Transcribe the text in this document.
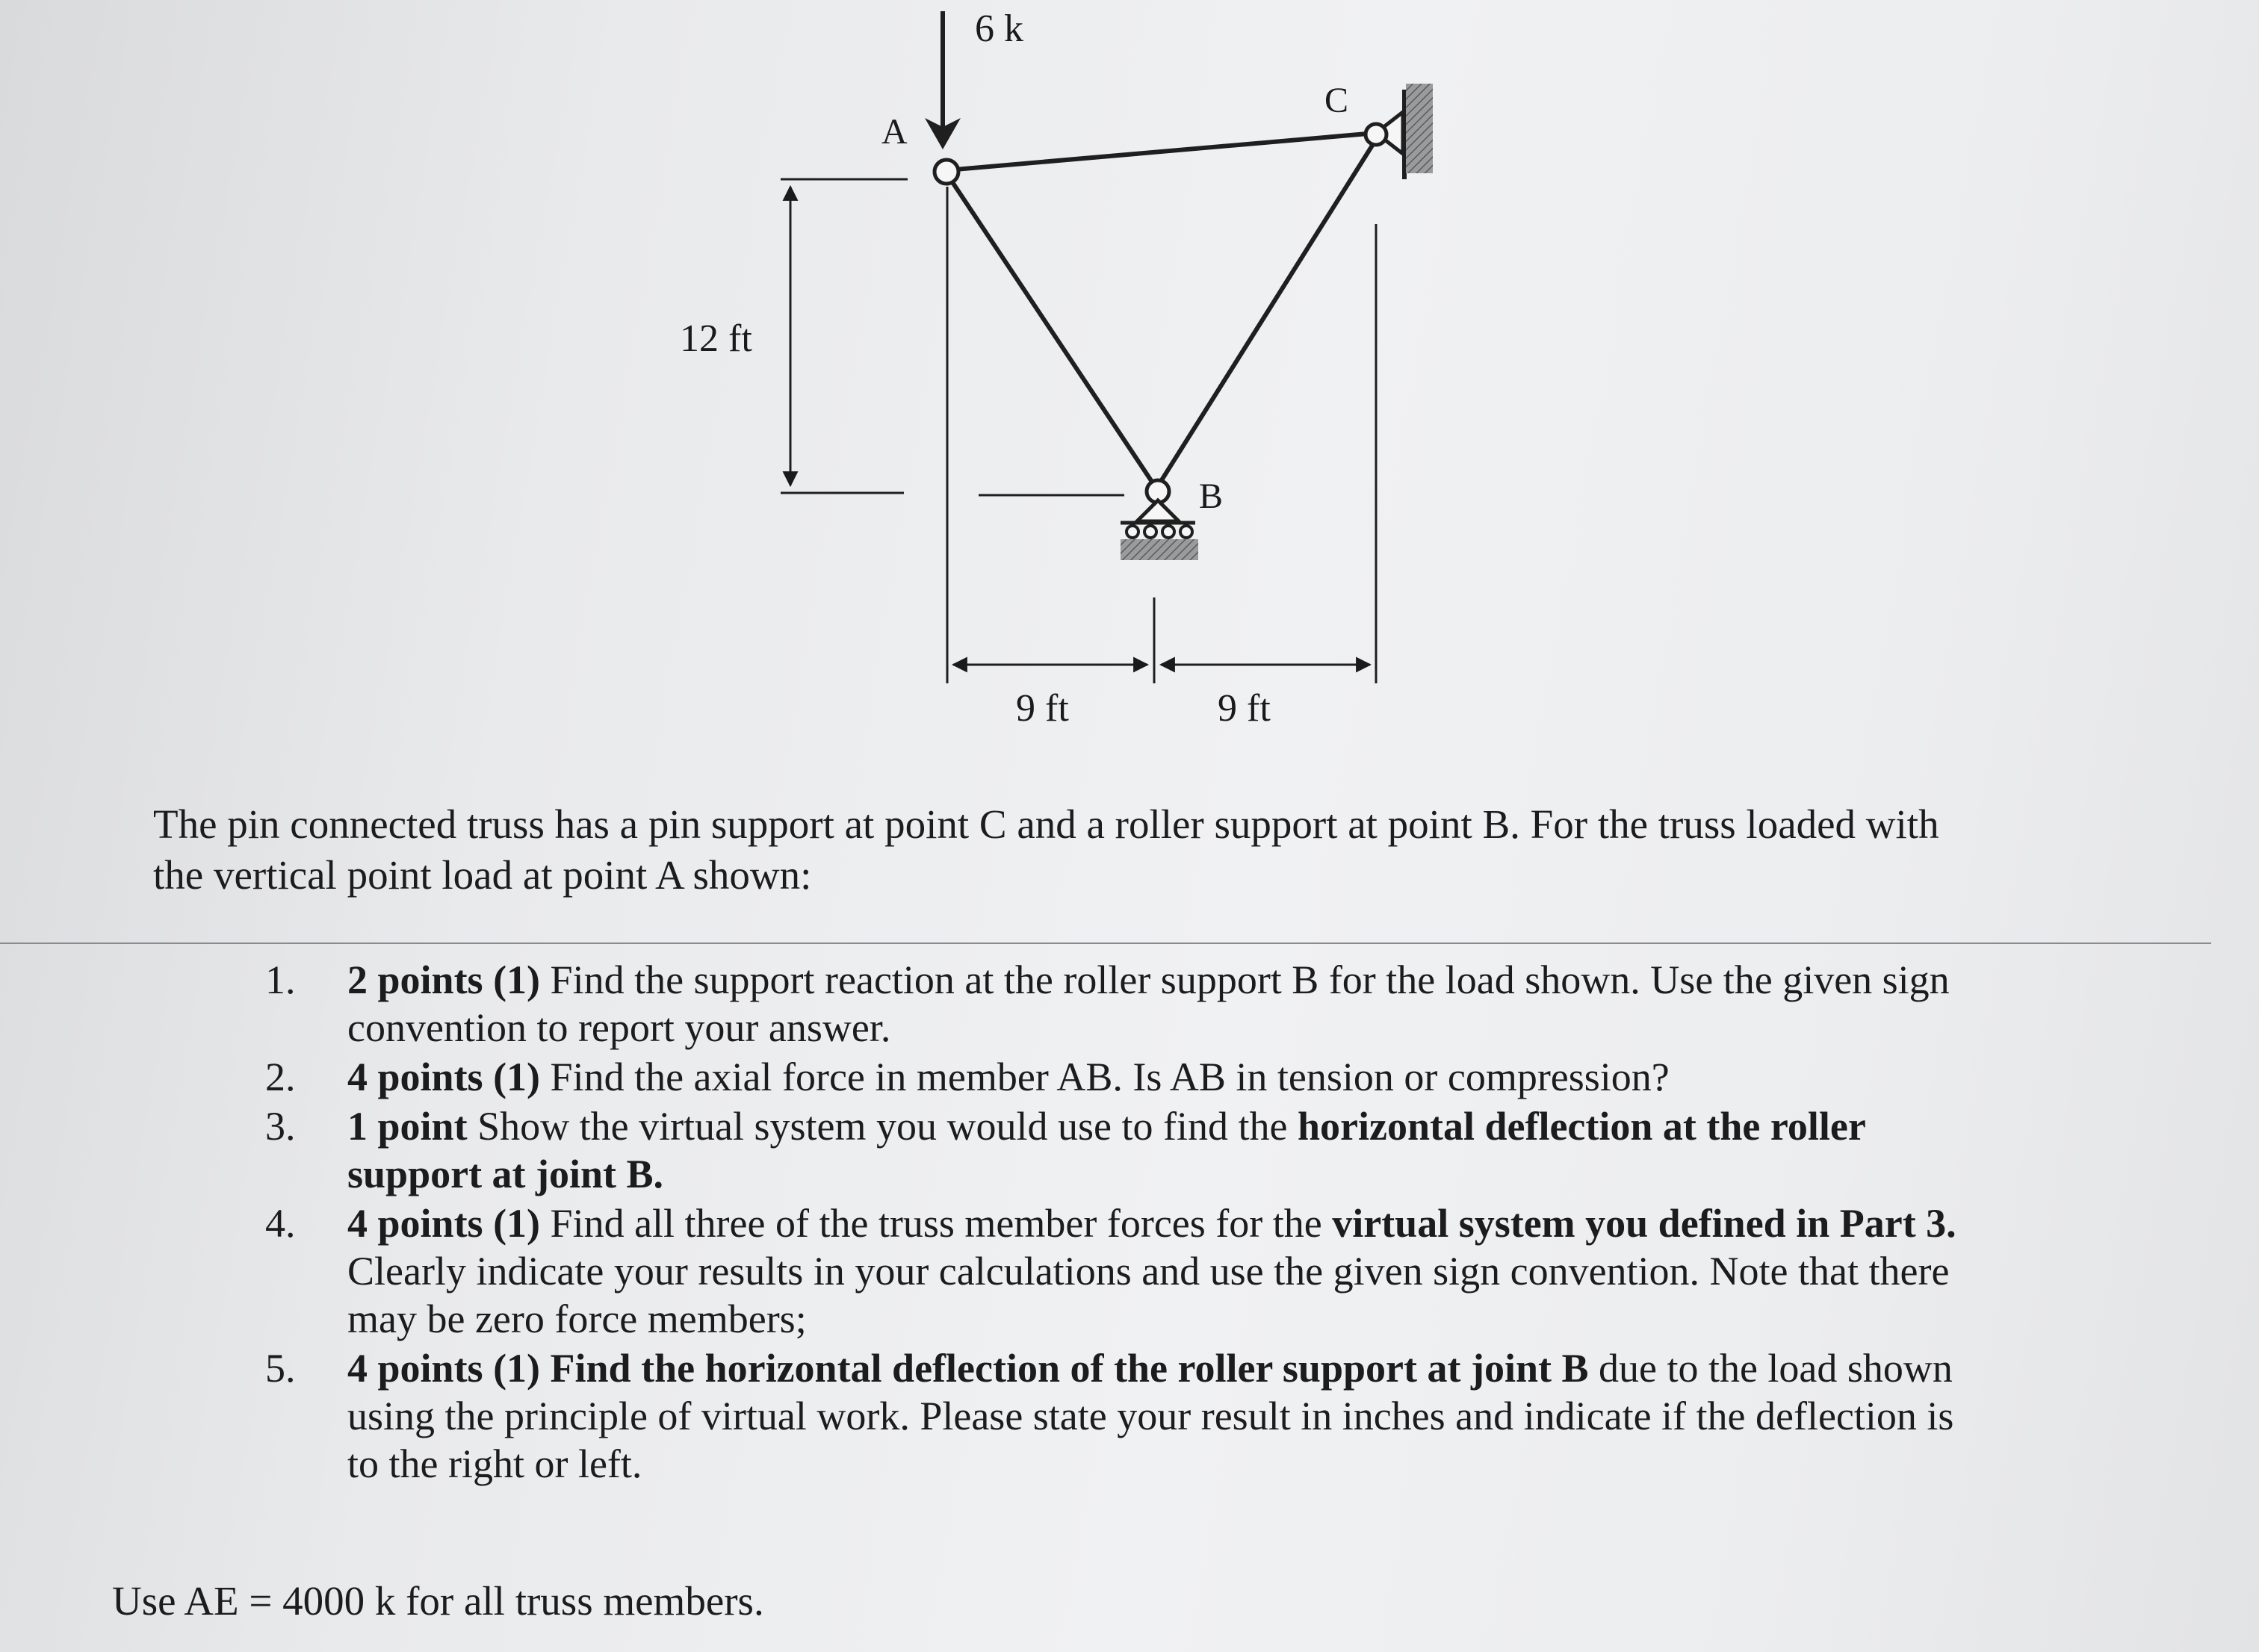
6 k
A
C
B
12 ft
9 ft	9 ft

The pin connected truss has a pin support at point C and a roller support at point B. For the truss loaded with the vertical point load at point A shown:

1. 2 points (1) Find the support reaction at the roller support B for the load shown. Use the given sign convention to report your answer.
2. 4 points (1) Find the axial force in member AB. Is AB in tension or compression?
3. 1 point Show the virtual system you would use to find the horizontal deflection at the roller support at joint B.
4. 4 points (1) Find all three of the truss member forces for the virtual system you defined in Part 3. Clearly indicate your results in your calculations and use the given sign convention. Note that there may be zero force members;
5. 4 points (1) Find the horizontal deflection of the roller support at joint B due to the load shown using the principle of virtual work. Please state your result in inches and indicate if the deflection is to the right or left.

Use AE = 4000 k for all truss members.
